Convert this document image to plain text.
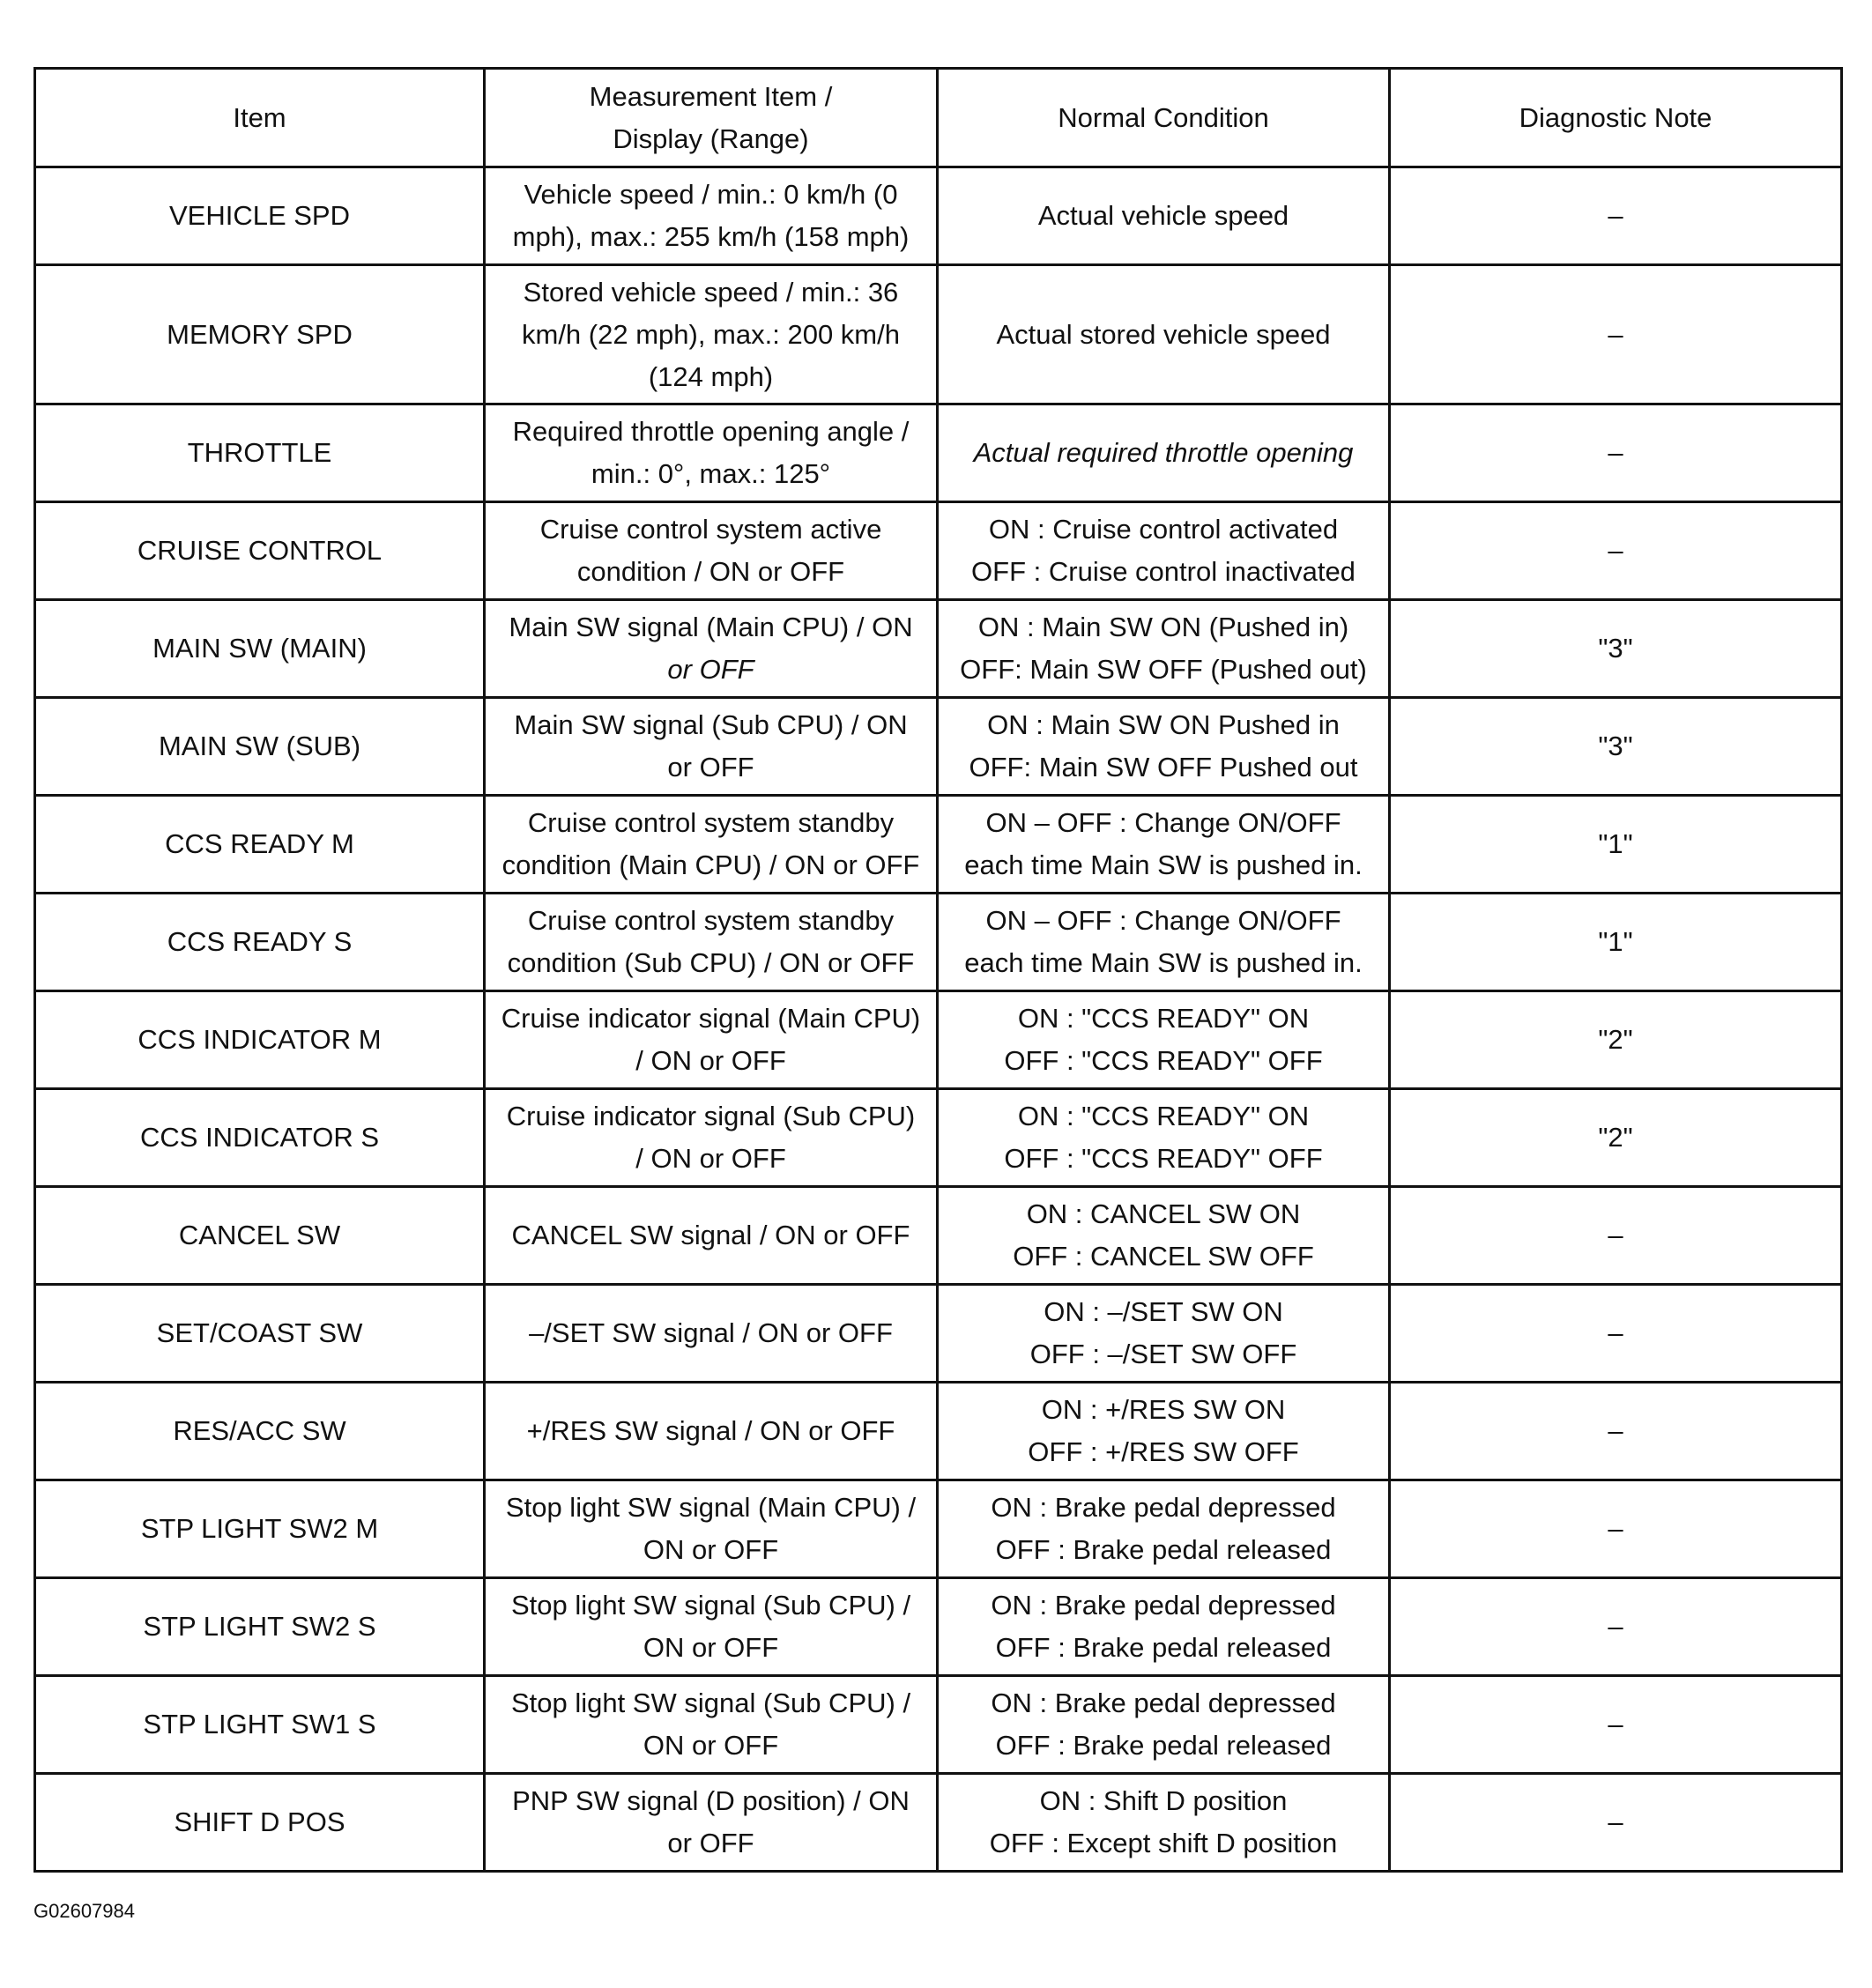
Item	Measurement Item /
Display (Range)	Normal Condition	Diagnostic Note
VEHICLE SPD	Vehicle speed / min.: 0 km/h (0
mph), max.: 255 km/h (158 mph)	Actual vehicle speed	–
MEMORY SPD	Stored vehicle speed / min.: 36
km/h (22 mph), max.: 200 km/h
(124 mph)	Actual stored vehicle speed	–
THROTTLE	Required throttle opening angle /
min.: 0°, max.: 125°	Actual required throttle opening	–
CRUISE CONTROL	Cruise control system active
condition / ON or OFF	ON : Cruise control activated
OFF : Cruise control inactivated	–
MAIN SW (MAIN)	Main SW signal (Main CPU) / ON
or OFF	ON : Main SW ON (Pushed in)
OFF: Main SW OFF (Pushed out)	"3"
MAIN SW (SUB)	Main SW signal (Sub CPU) / ON
or OFF	ON : Main SW ON Pushed in
OFF: Main SW OFF Pushed out	"3"
CCS READY M	Cruise control system standby
condition (Main CPU) / ON or OFF	ON – OFF : Change ON/OFF
each time Main SW is pushed in.	"1"
CCS READY S	Cruise control system standby
condition (Sub CPU) / ON or OFF	ON – OFF : Change ON/OFF
each time Main SW is pushed in.	"1"
CCS INDICATOR M	Cruise indicator signal (Main CPU)
/ ON or OFF	ON : "CCS READY" ON
OFF : "CCS READY" OFF	"2"
CCS INDICATOR S	Cruise indicator signal (Sub CPU)
/ ON or OFF	ON : "CCS READY" ON
OFF : "CCS READY" OFF	"2"
CANCEL SW	CANCEL SW signal / ON or OFF	ON : CANCEL SW ON
OFF : CANCEL SW OFF	–
SET/COAST SW	–/SET SW signal / ON or OFF	ON : –/SET SW ON
OFF : –/SET SW OFF	–
RES/ACC SW	+/RES SW signal / ON or OFF	ON : +/RES SW ON
OFF : +/RES SW OFF	–
STP LIGHT SW2 M	Stop light SW signal (Main CPU) /
ON or OFF	ON : Brake pedal depressed
OFF : Brake pedal released	–
STP LIGHT SW2 S	Stop light SW signal (Sub CPU) /
ON or OFF	ON : Brake pedal depressed
OFF : Brake pedal released	–
STP LIGHT SW1 S	Stop light SW signal (Sub CPU) /
ON or OFF	ON : Brake pedal depressed
OFF : Brake pedal released	–
SHIFT D POS	PNP SW signal (D position) / ON
or OFF	ON : Shift D position
OFF : Except shift D position	–
G02607984
